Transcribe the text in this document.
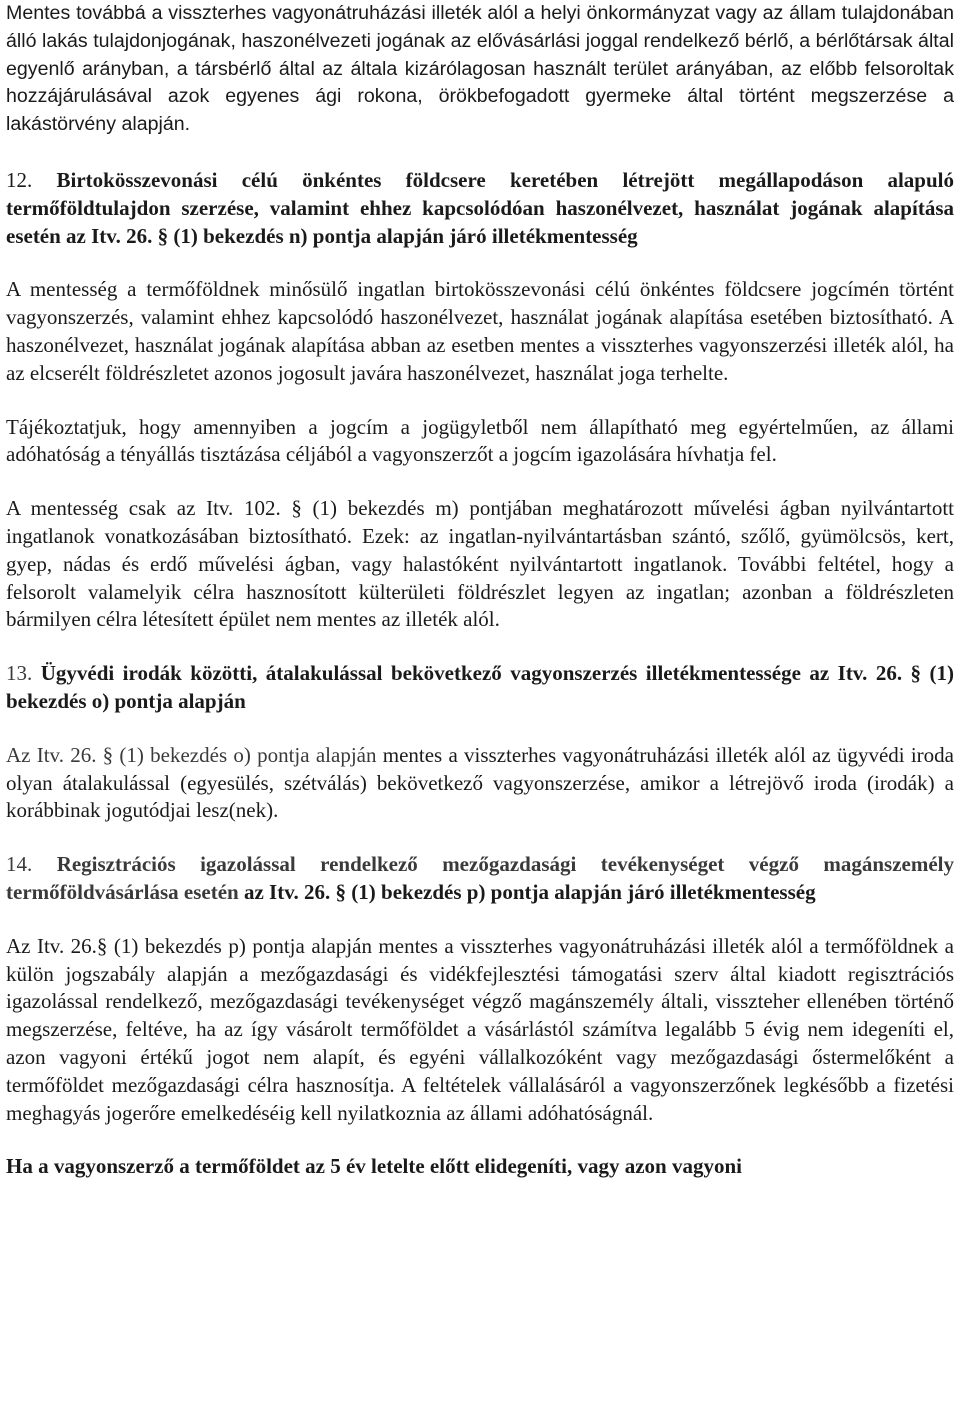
Mentes továbbá a visszterhes vagyonátruházási illeték alól a helyi önkormányzat vagy az állam tulajdonában álló lakás tulajdonjogának, haszonélvezeti jogának az elővásárlási joggal rendelkező bérlő, a bérlőtársak által egyenlő arányban, a társbérlő által az általa kizárólagosan használt terület arányában, az előbb felsoroltak hozzájárulásával azok egyenes ági rokona, örökbefogadott gyermeke által történt megszerzése a lakástörvény alapján.

12. Birtokösszevonási célú önkéntes földcsere keretében létrejött megállapodáson alapuló termőföldtulajdon szerzése, valamint ehhez kapcsolódóan haszonélvezet, használat jogának alapítása esetén az Itv. 26. § (1) bekezdés n) pontja alapján járó illetékmentesség

A mentesség a termőföldnek minősülő ingatlan birtokösszevonási célú önkéntes földcsere jogcímén történt vagyonszerzés, valamint ehhez kapcsolódó haszonélvezet, használat jogának alapítása esetében biztosítható. A haszonélvezet, használat jogának alapítása abban az esetben mentes a visszterhes vagyonszerzési illeték alól, ha az elcserélt földrészletet azonos jogosult javára haszonélvezet, használat joga terhelte.

Tájékoztatjuk, hogy amennyiben a jogcím a jogügyletből nem állapítható meg egyértelműen, az állami adóhatóság a tényállás tisztázása céljából a vagyonszerzőt a jogcím igazolására hívhatja fel.

A mentesség csak az Itv. 102. § (1) bekezdés m) pontjában meghatározott művelési ágban nyilvántartott ingatlanok vonatkozásában biztosítható. Ezek: az ingatlan-nyilvántartásban szántó, szőlő, gyümölcsös, kert, gyep, nádas és erdő művelési ágban, vagy halastóként nyilvántartott ingatlanok. További feltétel, hogy a felsorolt valamelyik célra hasznosított külterületi földrészlet legyen az ingatlan; azonban a földrészleten bármilyen célra létesített épület nem mentes az illeték alól.

13. Ügyvédi irodák közötti, átalakulással bekövetkező vagyonszerzés illetékmentessége az Itv. 26. § (1) bekezdés o) pontja alapján

Az Itv. 26. § (1) bekezdés o) pontja alapján mentes a visszterhes vagyonátruházási illeték alól az ügyvédi iroda olyan átalakulással (egyesülés, szétválás) bekövetkező vagyonszerzése, amikor a létrejövő iroda (irodák) a korábbinak jogutódjai lesz(nek).

14. Regisztrációs igazolással rendelkező mezőgazdasági tevékenységet végző magánszemély termőföldvásárlása esetén az Itv. 26. § (1) bekezdés p) pontja alapján járó illetékmentesség

Az Itv. 26.§ (1) bekezdés p) pontja alapján mentes a visszterhes vagyonátruházási illeték alól a termőföldnek a külön jogszabály alapján a mezőgazdasági és vidékfejlesztési támogatási szerv által kiadott regisztrációs igazolással rendelkező, mezőgazdasági tevékenységet végző magánszemély általi, visszteher ellenében történő megszerzése, feltéve, ha az így vásárolt termőföldet a vásárlástól számítva legalább 5 évig nem idegeníti el, azon vagyoni értékű jogot nem alapít, és egyéni vállalkozóként vagy mezőgazdasági őstermelőként a termőföldet mezőgazdasági célra hasznosítja. A feltételek vállalásáról a vagyonszerzőnek legkésőbb a fizetési meghagyás jogerőre emelkedéséig kell nyilatkoznia az állami adóhatóságnál.

Ha a vagyonszerző a termőföldet az 5 év letelte előtt elidegeníti, vagy azon vagyoni
